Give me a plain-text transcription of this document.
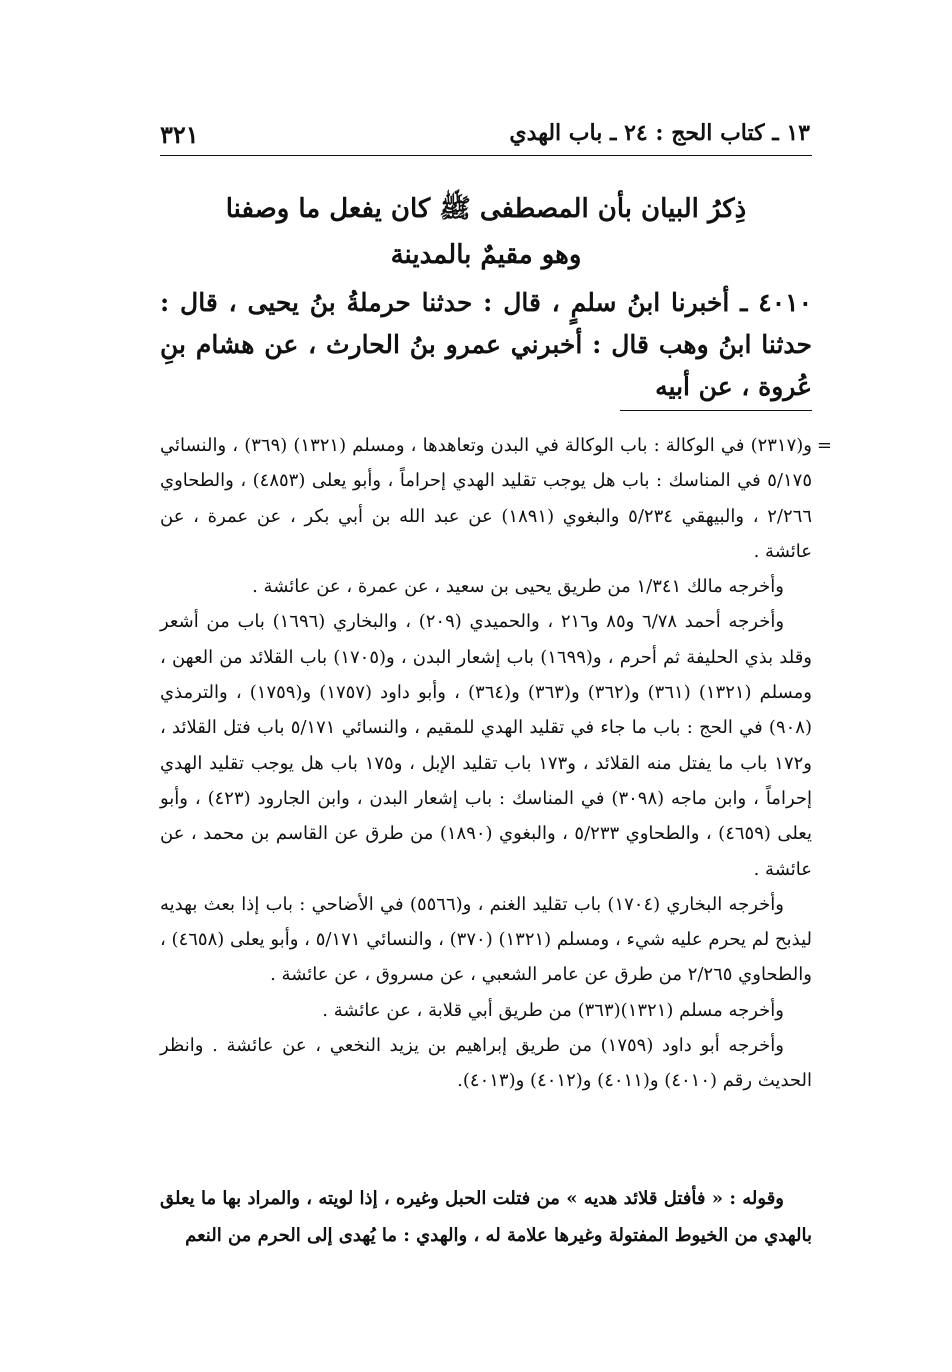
٣٢١	١٣ ـ كتاب الحج : ٢٤ ـ باب الهدي
ذِكرُ البيان بأن المصطفى ﷺ كان يفعل ما وصفنا
وهو مقيمٌ بالمدينة

٤٠١٠ ـ أخبرنا ابنُ سلمٍ ، قال : حدثنا حرملةُ بنُ يحيى ، قال : حدثنا ابنُ وهب قال : أخبرني عمرو بنُ الحارث ، عن هشام بنِ عُروة ، عن أبيه

=

و(٢٣١٧) في الوكالة : باب الوكالة في البدن وتعاهدها ، ومسلم (١٣٢١) (٣٦٩) ، والنسائي ٥/١٧٥ في المناسك : باب هل يوجب تقليد الهدي إحراماً ، وأبو يعلى (٤٨٥٣) ، والطحاوي ٢/٢٦٦ ، والبيهقي ٥/٢٣٤ والبغوي (١٨٩١) عن عبد الله بن أبي بكر ، عن عمرة ، عن عائشة .

وأخرجه مالك ١/٣٤١ من طريق يحيى بن سعيد ، عن عمرة ، عن عائشة .

وأخرجه أحمد ٦/٧٨ و٨٥ و٢١٦ ، والحميدي (٢٠٩) ، والبخاري (١٦٩٦) باب من أشعر وقلد بذي الحليفة ثم أحرم ، و(١٦٩٩) باب إشعار البدن ، و(١٧٠٥) باب القلائد من العهن ، ومسلم (١٣٢١) (٣٦١) و(٣٦٢) و(٣٦٣) و(٣٦٤) ، وأبو داود (١٧٥٧) و(١٧٥٩) ، والترمذي (٩٠٨) في الحج : باب ما جاء في تقليد الهدي للمقيم ، والنسائي ٥/١٧١ باب فتل القلائد ، و١٧٢ باب ما يفتل منه القلائد ، و١٧٣ باب تقليد الإبل ، و١٧٥ باب هل يوجب تقليد الهدي إحراماً ، وابن ماجه (٣٠٩٨) في المناسك : باب إشعار البدن ، وابن الجارود (٤٢٣) ، وأبو يعلى (٤٦٥٩) ، والطحاوي ٥/٢٣٣ ، والبغوي (١٨٩٠) من طرق عن القاسم بن محمد ، عن عائشة .

وأخرجه البخاري (١٧٠٤) باب تقليد الغنم ، و(٥٥٦٦) في الأضاحي : باب إذا بعث بهديه ليذبح لم يحرم عليه شيء ، ومسلم (١٣٢١) (٣٧٠) ، والنسائي ٥/١٧١ ، وأبو يعلى (٤٦٥٨) ، والطحاوي ٢/٢٦٥ من طرق عن عامر الشعبي ، عن مسروق ، عن عائشة .

وأخرجه مسلم (١٣٢١)(٣٦٣) من طريق أبي قلابة ، عن عائشة .

وأخرجه أبو داود (١٧٥٩) من طريق إبراهيم بن يزيد النخعي ، عن عائشة . وانظر الحديث رقم (٤٠١٠) و(٤٠١١) و(٤٠١٢) و(٤٠١٣).

وقوله : « فأفتل قلائد هديه » من فتلت الحبل وغيره ، إذا لويته ، والمراد بها ما يعلق بالهدي من الخيوط المفتولة وغيرها علامة له ، والهدي : ما يُهدى إلى الحرم من النعم
